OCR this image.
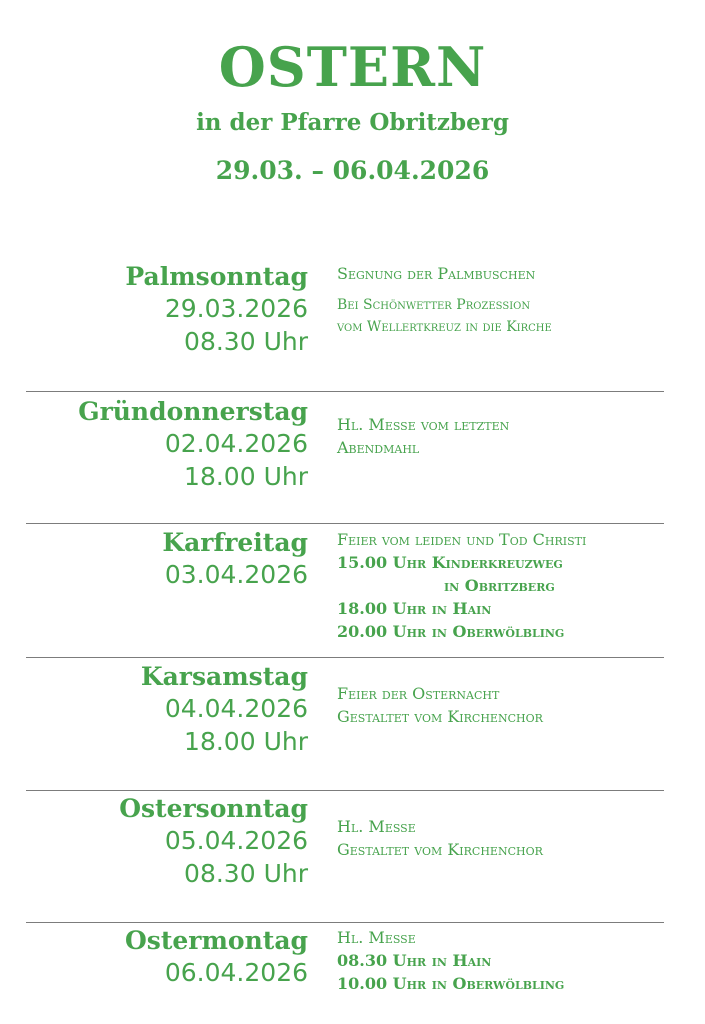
OSTERN
in der Pfarre Obritzberg
29.03. – 06.04.2026
Palmsonntag
29.03.2026
08.30 Uhr
Segnung der Palmbuschen
Bei Schönwetter Prozession
vom Wellertkreuz in die Kirche
Gründonnerstag
02.04.2026
18.00 Uhr
Hl. Messe vom letzten
Abendmahl
Karfreitag
03.04.2026
Feier vom leiden und Tod Christi
15.00 Uhr Kinderkreuzweg
in Obritzberg
18.00 Uhr in Hain
20.00 Uhr in Oberwölbling
Karsamstag
04.04.2026
18.00 Uhr
Feier der Osternacht
Gestaltet vom Kirchenchor
Ostersonntag
05.04.2026
08.30 Uhr
Hl. Messe
Gestaltet vom Kirchenchor
Ostermontag
06.04.2026
Hl. Messe
08.30 Uhr in Hain
10.00 Uhr in Oberwölbling
